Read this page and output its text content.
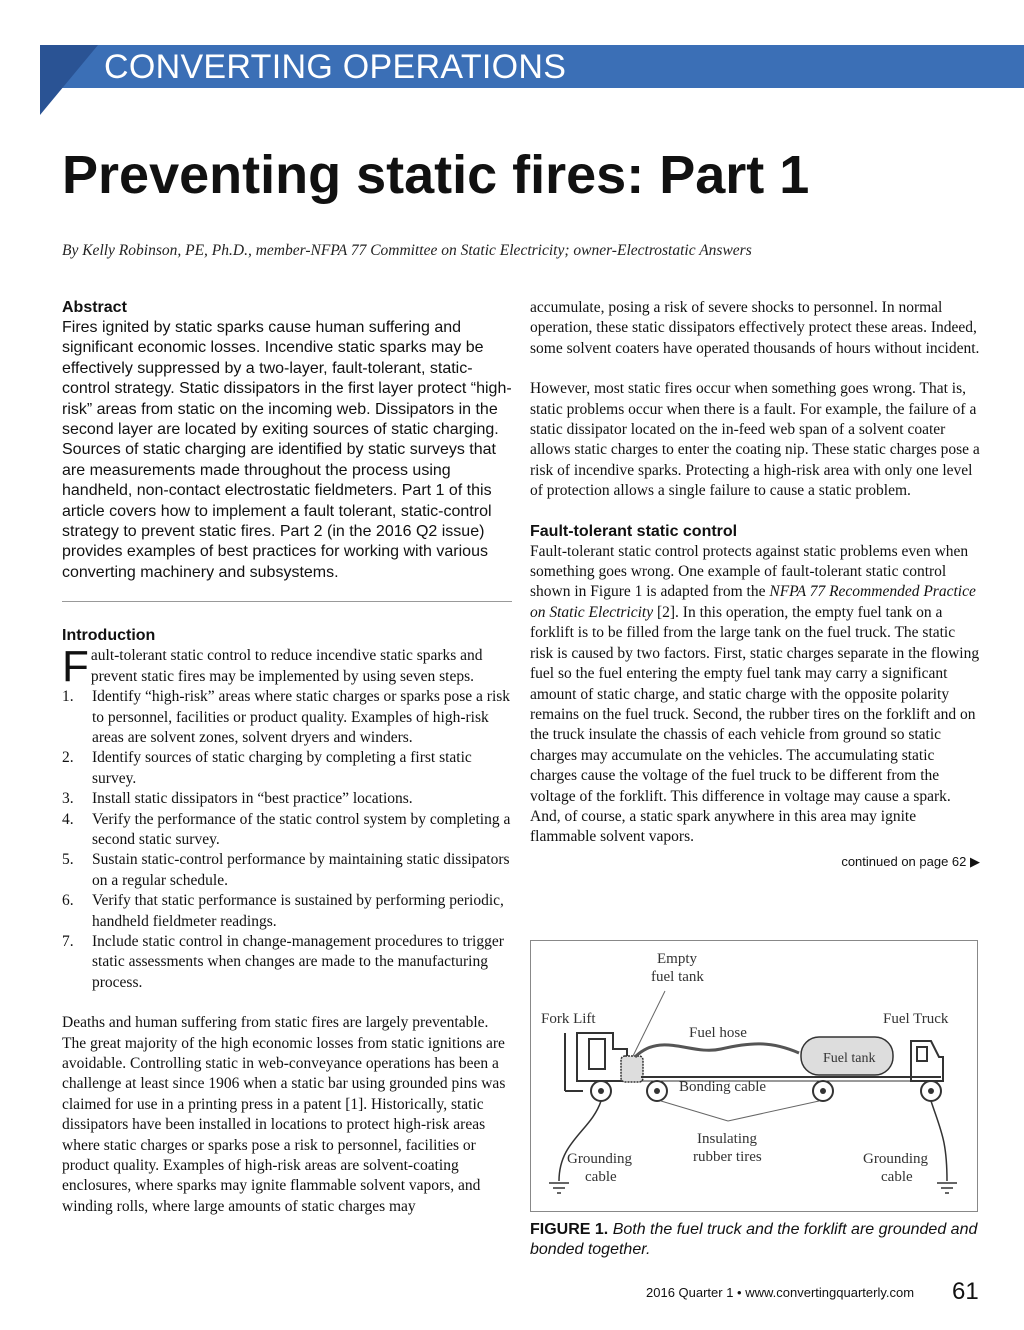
CONVERTING OPERATIONS
Preventing static fires: Part 1
By Kelly Robinson, PE, Ph.D., member-NFPA 77 Committee on Static Electricity; owner-Electrostatic Answers

Abstract

Fires ignited by static sparks cause human suffering and significant economic losses. Incendive static sparks may be effectively suppressed by a two-layer, fault-tolerant, static-control strategy. Static dissipators in the first layer protect “high-risk” areas from static on the incoming web. Dissipators in the second layer are located by exiting sources of static charging. Sources of static charging are identified by static surveys that are measurements made throughout the process using handheld, non-contact electrostatic fieldmeters. Part 1 of this article covers how to implement a fault tolerant, static-control strategy to prevent static fires. Part 2 (in the 2016 Q2 issue) provides examples of best practices for working with various converting machinery and subsystems.

Introduction

Fault-tolerant static control to reduce incendive static sparks and prevent static fires may be implemented by using seven steps.

1. Identify “high-risk” areas where static charges or sparks pose a risk to personnel, facilities or product quality. Examples of high-risk areas are solvent zones, solvent dryers and winders.
2. Identify sources of static charging by completing a first static survey.
3. Install static dissipators in “best practice” locations.
4. Verify the performance of the static control system by completing a second static survey.
5. Sustain static-control performance by maintaining static dissipators on a regular schedule.
6. Verify that static performance is sustained by performing periodic, handheld fieldmeter readings.
7. Include static control in change-management procedures to trigger static assessments when changes are made to the manufacturing process.

Deaths and human suffering from static fires are largely preventable. The great majority of the high economic losses from static ignitions are avoidable. Controlling static in web-conveyance operations has been a challenge at least since 1906 when a static bar using grounded pins was claimed for use in a printing press in a patent [1]. Historically, static dissipators have been installed in locations to protect high-risk areas where static charges or sparks pose a risk to personnel, facilities or product quality. Examples of high-risk areas are solvent-coating enclosures, where sparks may ignite flammable solvent vapors, and winding rolls, where large amounts of static charges may

accumulate, posing a risk of severe shocks to personnel. In normal operation, these static dissipators effectively protect these areas. Indeed, some solvent coaters have operated thousands of hours without incident.

However, most static fires occur when something goes wrong. That is, static problems occur when there is a fault. For example, the failure of a static dissipator located on the in-feed web span of a solvent coater allows static charges to enter the coating nip. These static charges pose a risk of incendive sparks. Protecting a high-risk area with only one level of protection allows a single failure to cause a static problem.

Fault-tolerant static control

Fault-tolerant static control protects against static problems even when something goes wrong. One example of fault-tolerant static control shown in Figure 1 is adapted from the NFPA 77 Recommended Practice on Static Electricity [2]. In this operation, the empty fuel tank on a forklift is to be filled from the large tank on the fuel truck. The static risk is caused by two factors. First, static charges separate in the flowing fuel so the fuel entering the empty fuel tank may carry a significant amount of static charge, and static charge with the opposite polarity remains on the fuel truck. Second, the rubber tires on the forklift and on the truck insulate the chassis of each vehicle from ground so static charges may accumulate on the vehicles. The accumulating static charges cause the voltage of the fuel truck to be different from the voltage of the forklift. This difference in voltage may cause a spark. And, of course, a static spark anywhere in this area may ignite flammable solvent vapors.

continued on page 62 ▶
Empty
fuel tank
Fork Lift	Fuel Truck
Fuel hose
Fuel tank
Bonding cable
Insulating
rubber tires
Grounding
cable
Grounding
cable
FIGURE 1. Both the fuel truck and the forklift are grounded and bonded together.
2016 Quarter 1 • www.convertingquarterly.com 61
